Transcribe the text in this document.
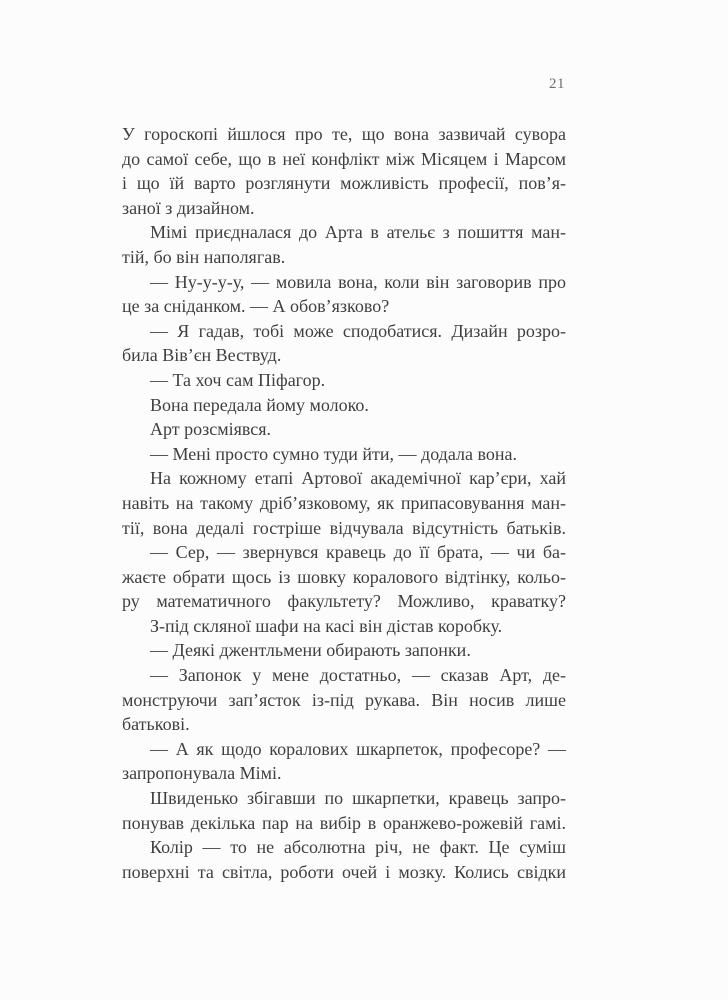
21
У гороскопі йшлося про те, що вона зазвичай сувора
до самої себе, що в неї конфлікт між Місяцем і Марсом
і що їй варто розглянути можливість професії, пов’я-
заної з дизайном.
Мімі приєдналася до Арта в ательє з пошиття ман-
тій, бо він наполягав.
— Ну-у-у-у, — мовила вона, коли він заговорив про
це за сніданком. — А обов’язково?
— Я гадав, тобі може сподобатися. Дизайн розро-
била Вів’єн Вествуд.
— Та хоч сам Піфагор.
Вона передала йому молоко.
Арт розсміявся.
— Мені просто сумно туди йти, — додала вона.
На кожному етапі Артової академічної кар’єри, хай
навіть на такому дріб’язковому, як припасовування ман-
тії, вона дедалі гостріше відчувала відсутність батьків.
— Сер, — звернувся кравець до її брата, — чи ба-
жаєте обрати щось із шовку коралового відтінку, кольо-
ру математичного факультету? Можливо, краватку?
З-під скляної шафи на касі він дістав коробку.
— Деякі джентльмени обирають запонки.
— Запонок у мене достатньо, — сказав Арт, де-
монструючи зап’ясток із-під рукава. Він носив лише
батькові.
— А як щодо коралових шкарпеток, професоре? —
запропонувала Мімі.
Швиденько збігавши по шкарпетки, кравець запро-
понував декілька пар на вибір в оранжево-рожевій гамі.
Колір — то не абсолютна річ, не факт. Це суміш
поверхні та світла, роботи очей і мозку. Колись свідки
